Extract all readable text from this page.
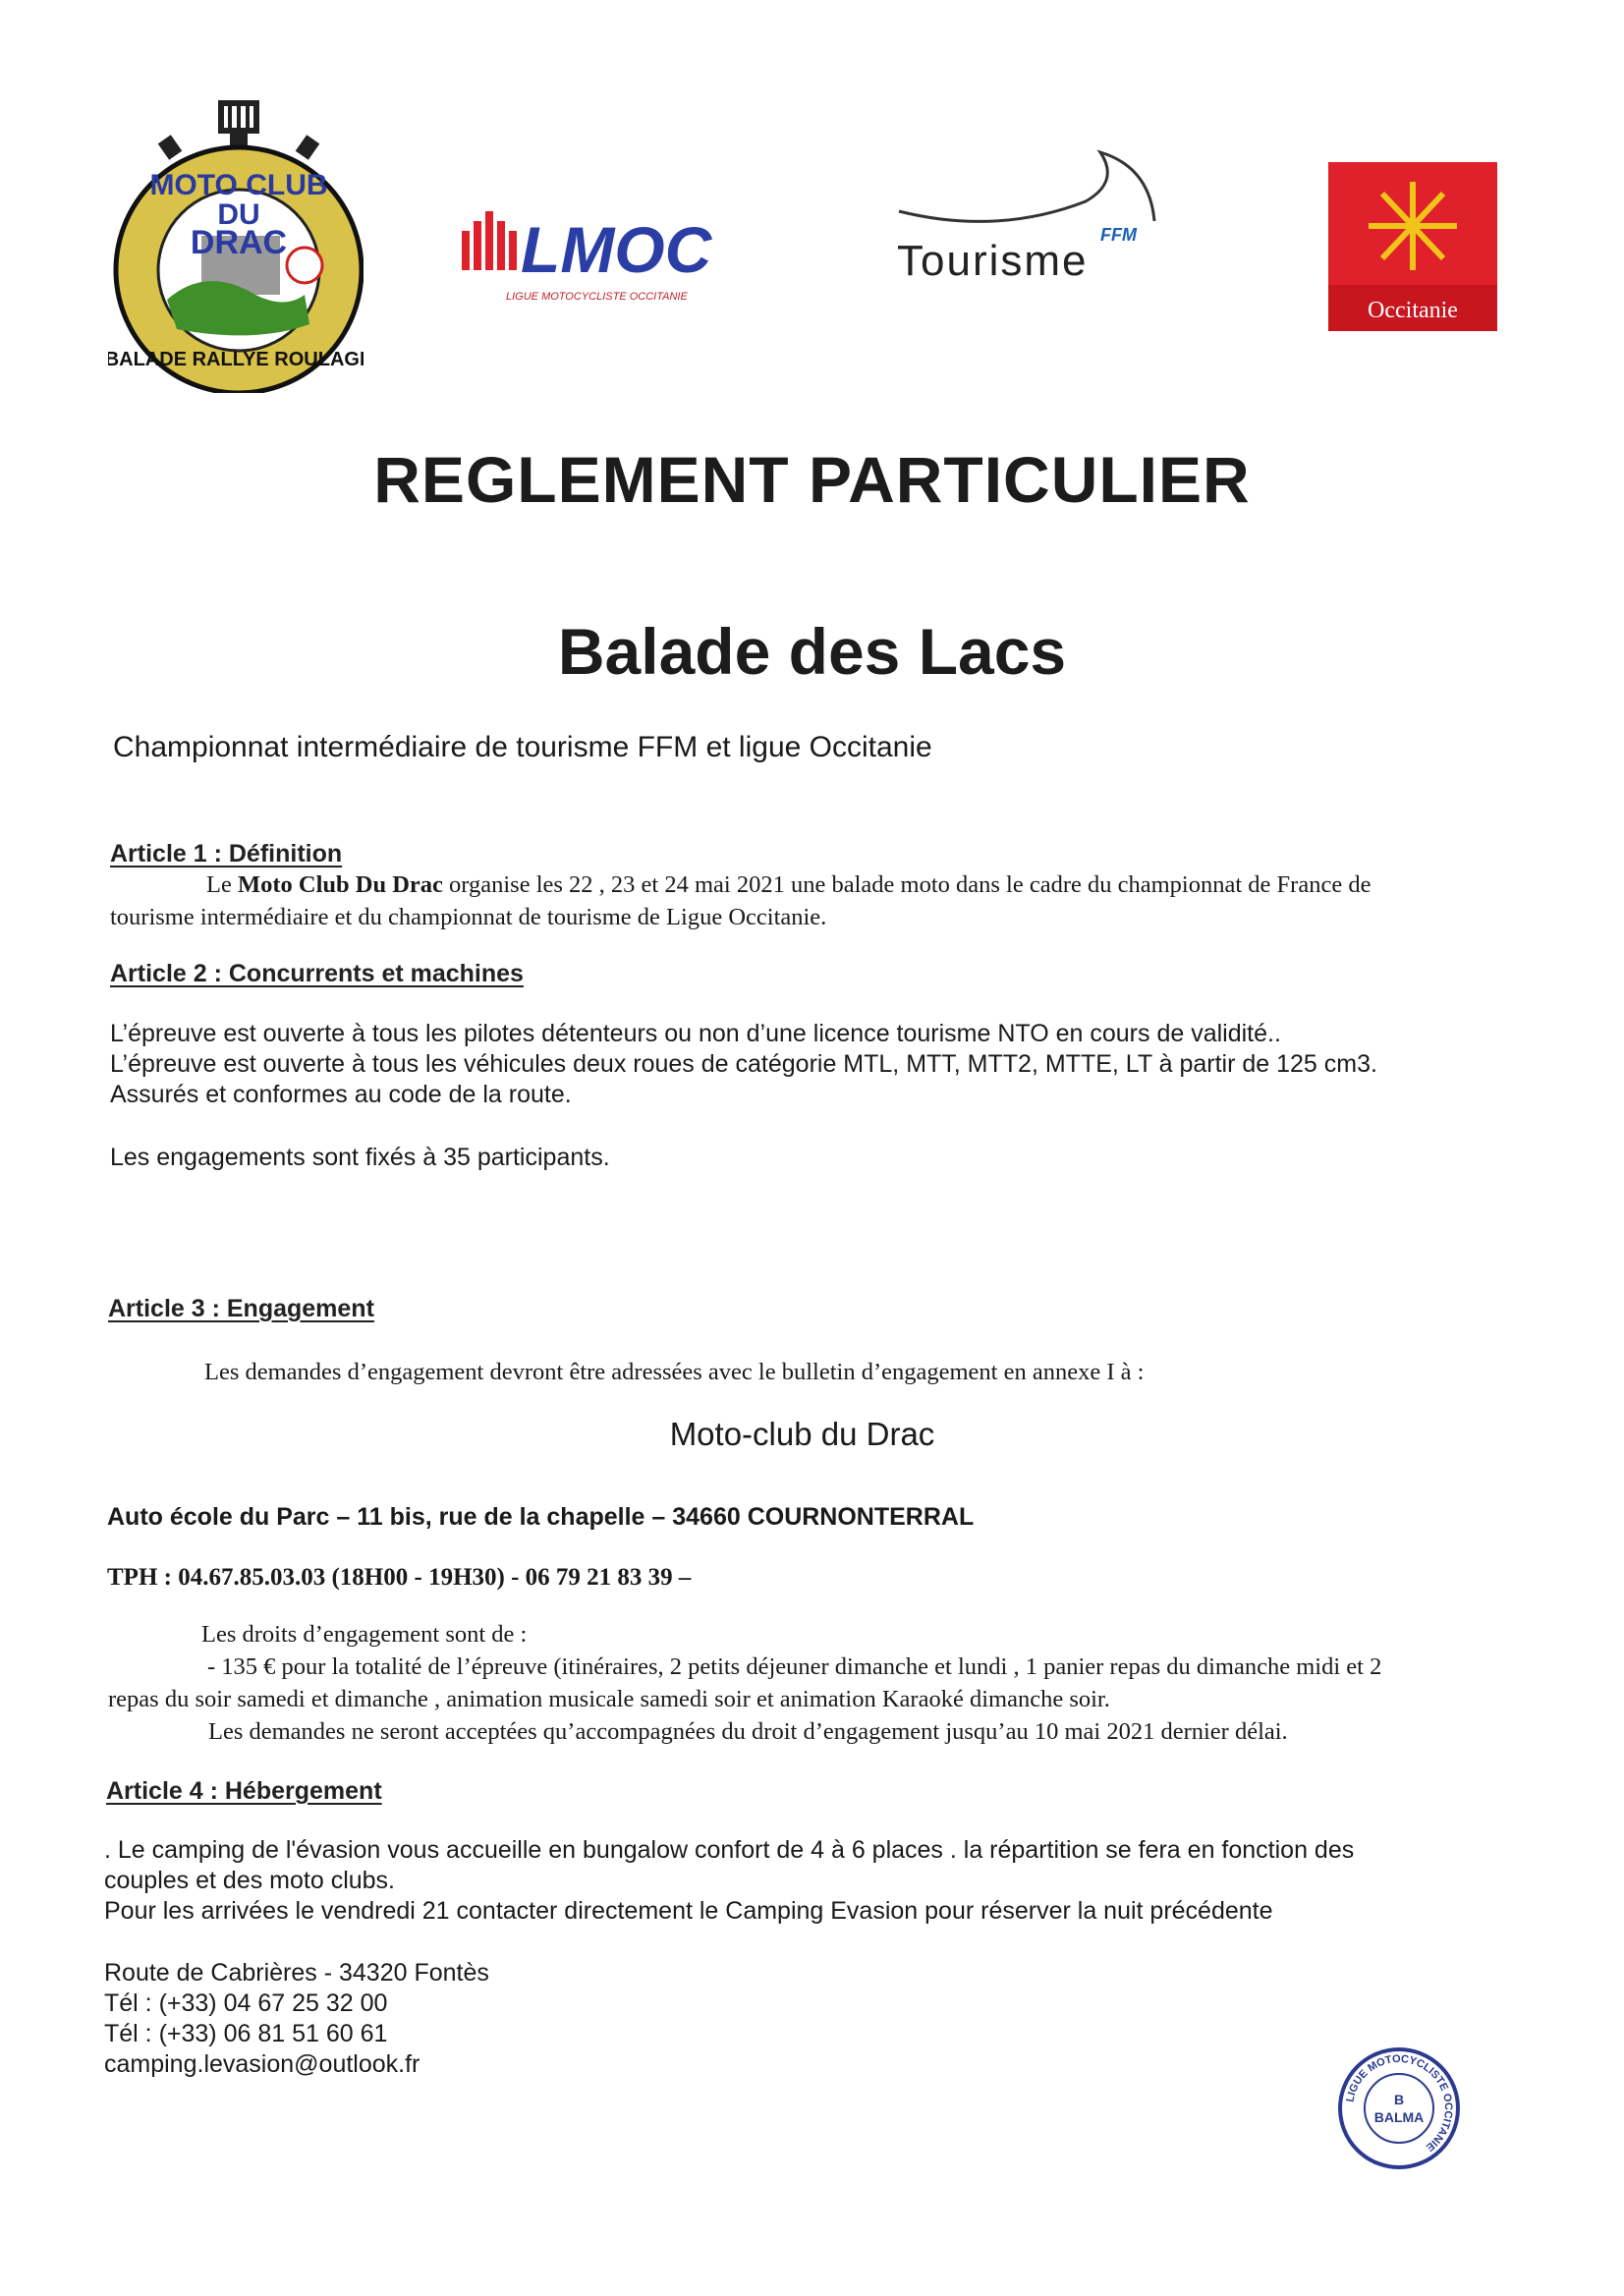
MOTO CLUB
DU
DRAC
BALADE RALLYE ROULAGE
LMOC
LIGUE MOTOCYCLISTE OCCITANIE
FFM
Tourisme
Occitanie
REGLEMENT PARTICULIER
Balade des Lacs
Championnat intermédiaire de tourisme FFM et ligue Occitanie
Article 1 : Définition
Le Moto Club Du Drac organise les 22 , 23 et 24 mai 2021 une balade moto dans le cadre du championnat de France de
tourisme intermédiaire et du championnat de tourisme de Ligue Occitanie.
Article 2 : Concurrents et machines
L’épreuve est ouverte à tous les pilotes détenteurs ou non d’une licence tourisme NTO en cours de validité..
L’épreuve est ouverte à tous les véhicules deux roues de catégorie MTL, MTT, MTT2, MTTE, LT à partir de 125 cm3.
Assurés et conformes au code de la route.
Les engagements sont fixés à 35 participants.
Article 3 : Engagement
Les demandes d’engagement devront être adressées avec le bulletin d’engagement en annexe I à :
Moto-club du Drac
Auto école du Parc – 11 bis, rue de la chapelle – 34660 COURNONTERRAL
TPH : 04.67.85.03.03 (18H00 - 19H30) - 06 79 21 83 39 –
Les droits d’engagement sont de :
- 135 € pour la totalité de l’épreuve (itinéraires, 2 petits déjeuner dimanche et lundi , 1 panier repas du dimanche midi et 2
repas du soir samedi et dimanche , animation musicale samedi soir et animation Karaoké dimanche soir.
Les demandes ne seront acceptées qu’accompagnées du droit d’engagement jusqu’au 10 mai 2021 dernier délai.
Article 4 : Hébergement
. Le camping de l'évasion vous accueille en bungalow confort de 4 à 6 places . la répartition se fera en fonction des
couples et des moto clubs.
Pour les arrivées le vendredi 21 contacter directement le Camping Evasion pour réserver la nuit précédente
Route de Cabrières - 34320 Fontès
Tél : (+33) 04 67 25 32 00
Tél : (+33) 06 81 51 60 61
camping.levasion@outlook.fr
LIGUE MOTOCYCLISTE OCCITANIE
B
BALMA
